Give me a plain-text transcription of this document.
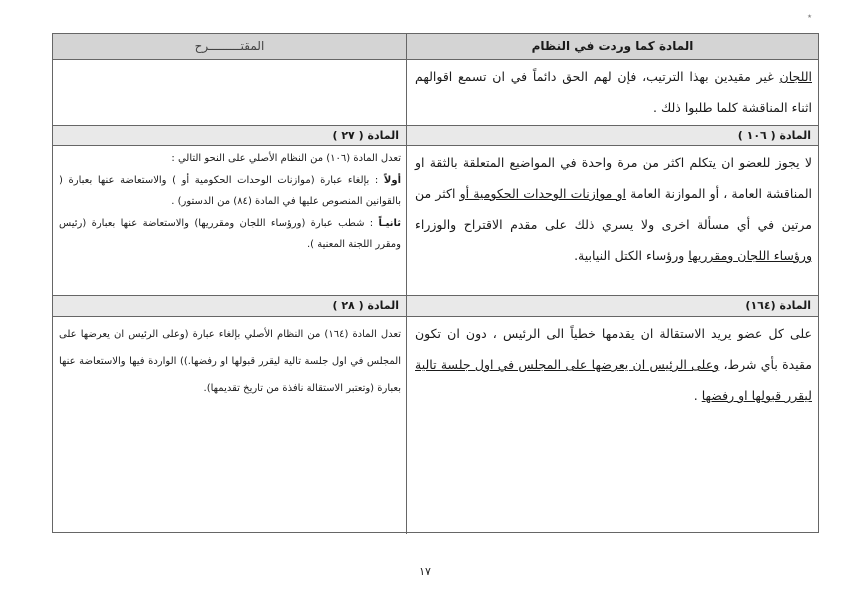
٭
المادة كما وردت في النظام
المقتـــــــــرح
اللجان غير مقيدين بهذا الترتيب، فإن لهم الحق دائماً في ان تسمع اقوالهم اثناء المناقشة كلما طلبوا ذلك .
المادة ( ١٠٦ )
المادة ( ٢٧ )
لا يجوز للعضو ان يتكلم اكثر من مرة واحدة في المواضيع المتعلقة بالثقة او المناقشة العامة ، أو الموازنة العامة او موازنات الوحدات الحكومية أو اكثر من مرتين في أي مسألة اخرى ولا يسري ذلك على مقدم الاقتراح والوزراء ورؤساء اللجان ومقرريها ورؤساء الكتل النيابية.
تعدل المادة (١٠٦) من النظام الأصلي على النحو التالي :
أولاً : بإلغاء عبارة (موازنات الوحدات الحكومية أو ) والاستعاضة عنها بعبارة ( بالقوانين المنصوص عليها في المادة (٨٤) من الدستور) .
ثانيـاً : شطب عبارة (ورؤساء اللجان ومقرريها) والاستعاضة عنها بعبارة (رئيس ومقرر اللجنة المعنية ).
المادة (١٦٤)
المادة ( ٢٨ )
على كل عضو يريد الاستقالة ان يقدمها خطياً الى الرئيس ، دون ان تكون مقيدة بأي شرط، وعلى الرئيس ان يعرضها على المجلس في اول جلسة تالية ليقرر قبولها او رفضها .
تعدل المادة (١٦٤) من النظام الأصلي بإلغاء عبارة (وعلى الرئيس ان يعرضها على المجلس في اول جلسة تالية ليقرر قبولها او رفضها.)) الواردة فيها والاستعاضة عنها بعبارة (وتعتبر الاستقالة نافذة من تاريخ تقديمها).
١٧
